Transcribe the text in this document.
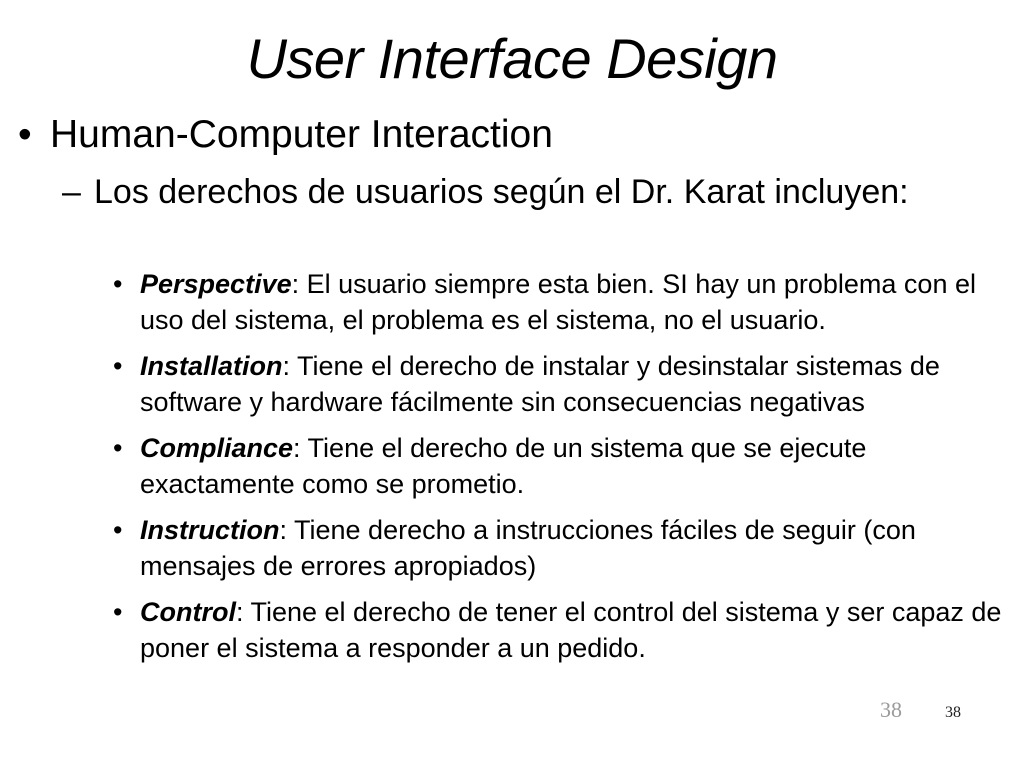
User Interface Design
• Human-Computer Interaction
– Los derechos de usuarios según el Dr. Karat incluyen:
• Perspective: El usuario siempre esta bien. SI hay un problema con el uso del sistema, el problema es el sistema, no el usuario.
• Installation: Tiene el derecho de instalar y desinstalar sistemas de software y hardware fácilmente sin consecuencias negativas
• Compliance: Tiene el derecho de un sistema que se ejecute exactamente como se prometio.
• Instruction: Tiene derecho a instrucciones fáciles de seguir (con mensajes de errores apropiados)
• Control: Tiene el derecho de tener el control del sistema y ser capaz de poner el sistema a responder a un pedido.
38	38
